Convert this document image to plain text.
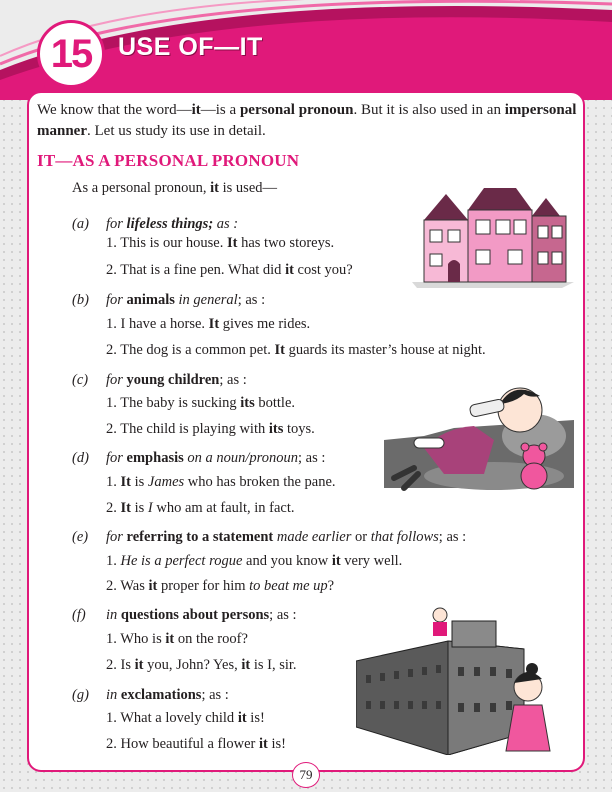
15	USE OF—IT

We know that the word—it—is a personal pronoun. But it is also used in an impersonal manner. Let us study its use in detail.

IT—AS A PERSONAL PRONOUN
As a personal pronoun, it is used—
(a) for lifeless things; as :
1. This is our house. It has two storeys.
2. That is a fine pen. What did it cost you?
(b) for animals in general; as :
1. I have a horse. It gives me rides.
2. The dog is a common pet. It guards its master’s house at night.
(c) for young children; as :
1. The baby is sucking its bottle.
2. The child is playing with its toys.
(d) for emphasis on a noun/pronoun; as :
1. It is James who has broken the pane.
2. It is I who am at fault, in fact.
(e) for referring to a statement made earlier or that follows; as :
1. He is a perfect rogue and you know it very well.
2. Was it proper for him to beat me up?
(f) in questions about persons; as :
1. Who is it on the roof?
2. Is it you, John? Yes, it is I, sir.
(g) in exclamations; as :
1. What a lovely child it is!
2. How beautiful a flower it is!
79
